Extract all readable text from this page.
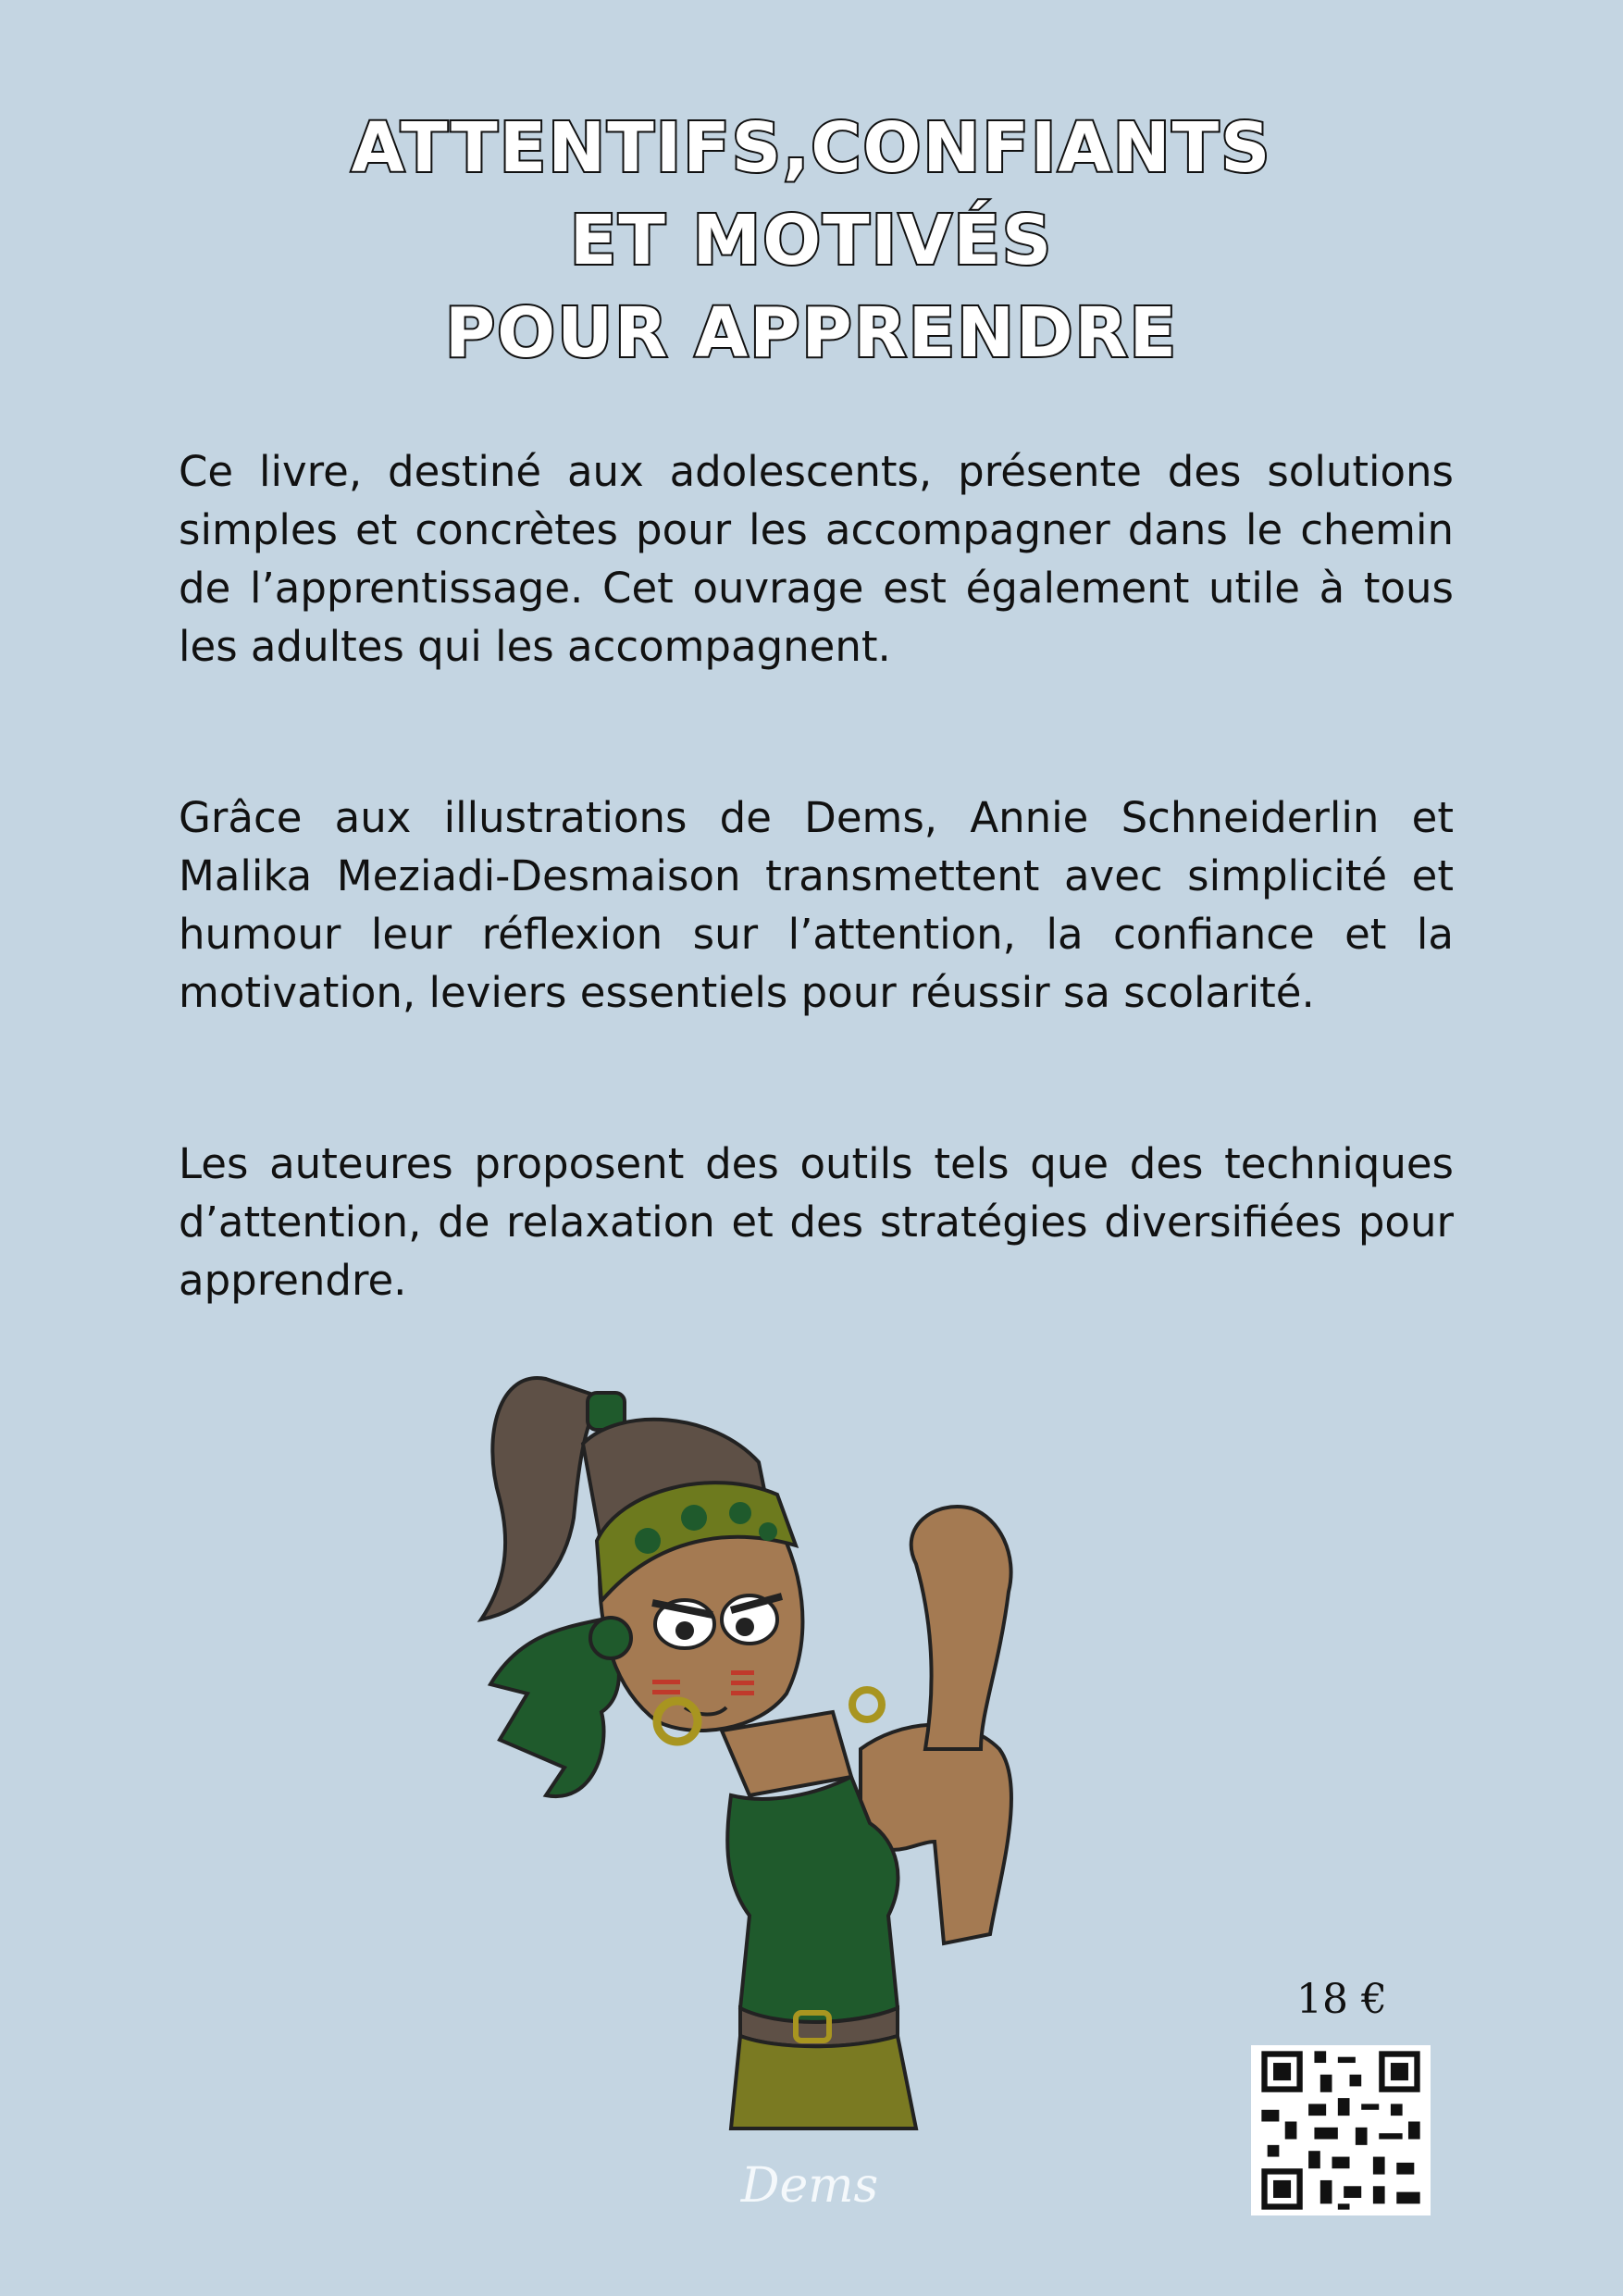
ATTENTIFS,CONFIANTS
ET MOTIVÉS
POUR APPRENDRE

Ce livre, destiné aux adolescents, présente des solutions simples et concrètes pour les accompagner dans le chemin de l’apprentissage. Cet ouvrage est également utile à tous les adultes qui les accompagnent.

Grâce aux illustrations de Dems, Annie Schneiderlin et Malika Meziadi-Desmaison transmettent avec simplicité et humour leur réflexion sur l’attention, la confiance et la motivation, leviers essentiels pour réussir sa scolarité.

Les auteures proposent des outils tels que des techniques d’attention, de relaxation et des stratégies diversifiées pour apprendre.

Dems
18 €
